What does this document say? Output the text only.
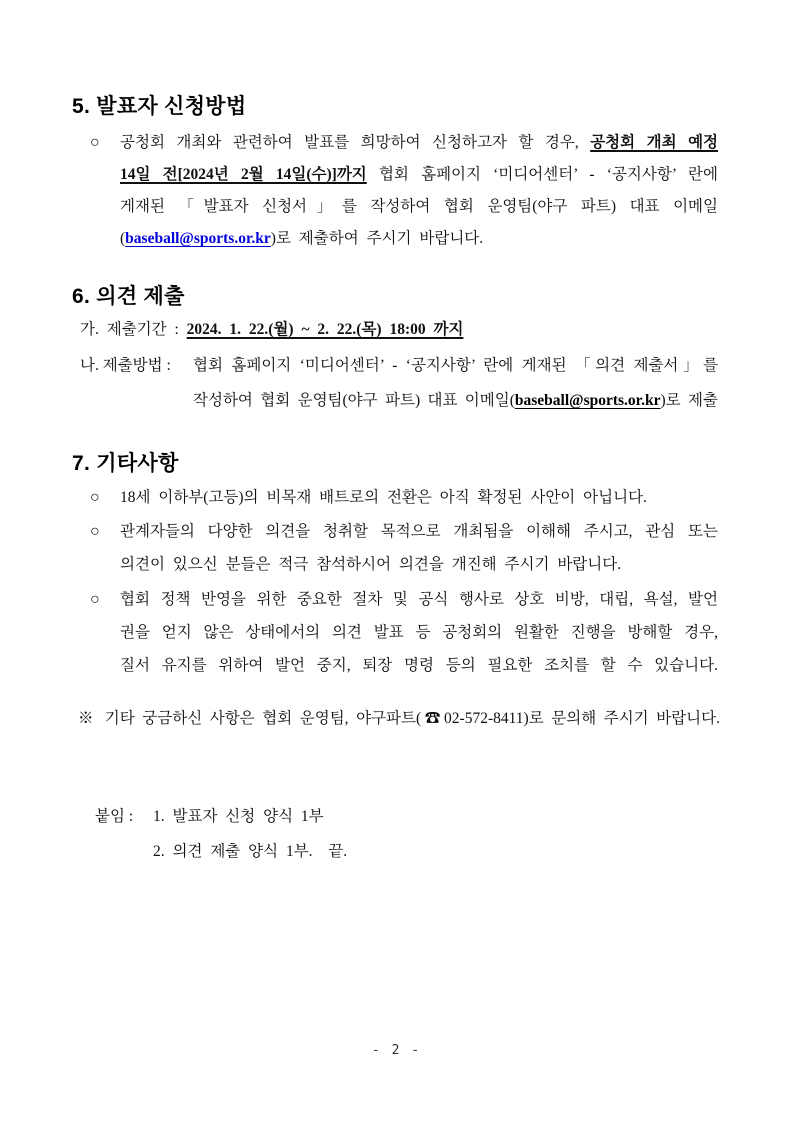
5. 발표자 신청방법
○	공청회 개최와 관련하여 발표를 희망하여 신청하고자 할 경우, 공청회 개최 예정
14일 전[2024년 2월 14일(수)]까지 협회 홈페이지 ‘미디어센터’ - ‘공지사항’ 란에
게재된 「발표자 신청서」를 작성하여 협회 운영팀(야구 파트) 대표 이메일
(baseball@sports.or.kr)로 제출하여 주시기 바랍니다.
6. 의견 제출
가. 제출기간 : 2024. 1. 22.(월) ~ 2. 22.(목) 18:00 까지
나. 제출방법 :	협회 홈페이지 ‘미디어센터’ - ‘공지사항’ 란에 게재된 「의견 제출서」를
작성하여 협회 운영팀(야구 파트) 대표 이메일(baseball@sports.or.kr)로 제출
7. 기타사항
○	18세 이하부(고등)의 비목재 배트로의 전환은 아직 확정된 사안이 아닙니다.
○	관계자들의 다양한 의견을 청취할 목적으로 개최됨을 이해해 주시고, 관심 또는
의견이 있으신 분들은 적극 참석하시어 의견을 개진해 주시기 바랍니다.
○	협회 정책 반영을 위한 중요한 절차 및 공식 행사로 상호 비방, 대립, 욕설, 발언
권을 얻지 않은 상태에서의 의견 발표 등 공청회의 원활한 진행을 방해할 경우,
질서 유지를 위하여 발언 중지, 퇴장 명령 등의 필요한 조치를 할 수 있습니다.
※ 기타 궁금하신 사항은 협회 운영팀, 야구파트(☎02-572-8411)로 문의해 주시기 바랍니다.
붙임 :	1. 발표자 신청 양식 1부
2. 의견 제출 양식 1부.  끝.
- 2 -
